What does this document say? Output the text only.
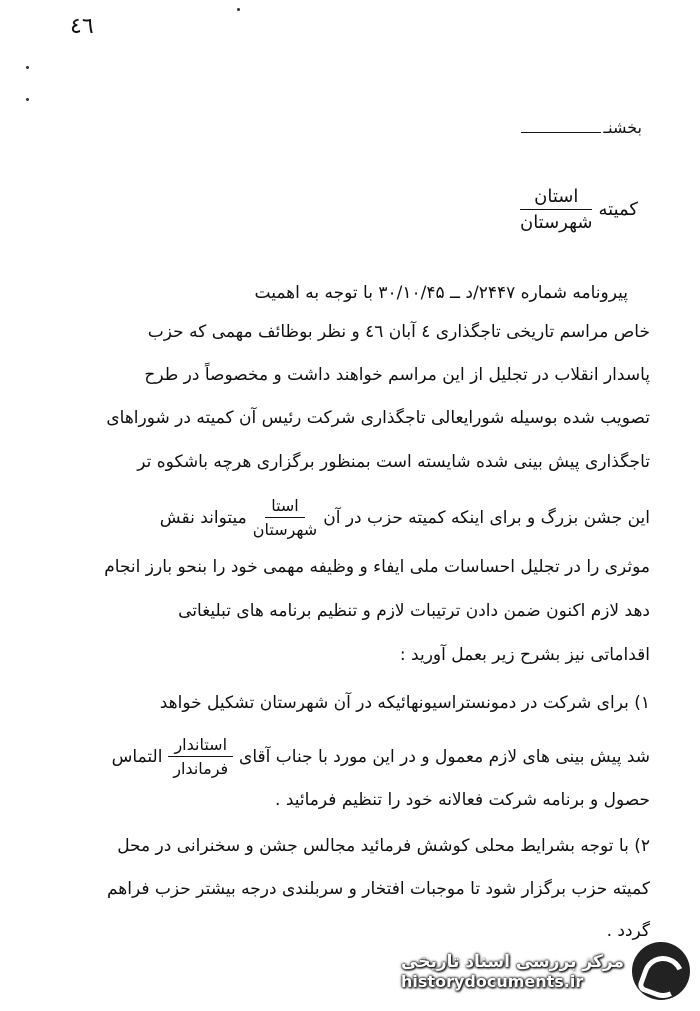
٤٦
بخشنـ
کمیته
$\frac{\text{استان}}{\text{شهرستان}}$
پیرونامه شماره ۲۴۴۷/د ــ ۳۰/۱۰/۴۵ با توجه به اهمیت
خاص مراسم تاریخی تاجگذاری ٤ آبان ٤٦ و نظر بوظائف مهمی که حزب
پاسدار انقلاب در تجلیل از این مراسم خواهند داشت و مخصوصاً در طرح
تصویب شده بوسیله شورایعالی تاجگذاری شرکت رئیس آن کمیته در شوراهای
تاجگذاری پیش بینی شده شایسته است بمنظور برگزاری هرچه باشکوه تر
این جشن بزرگ و برای اینکه کمیته حزب در آن
$\frac{\text{استا}}{\text{شهرستان}}$
میتواند نقش
موثری را در تجلیل احساسات ملی ایفاء و وظیفه مهمی خود را بنحو بارز انجام
دهد لازم اکنون ضمن دادن ترتیبات لازم و تنظیم برنامه های تبلیغاتی
اقداماتی نیز بشرح زیر بعمل آورید :
۱) برای شرکت در دمونستراسیونهائیکه در آن شهرستان تشکیل خواهد
شد پیش بینی های لازم معمول و در این مورد با جناب آقای
$\frac{\text{استاندار}}{\text{فرماندار}}$
التماس
حصول و برنامه شرکت فعالانه خود را تنظیم فرمائید .
۲) با توجه بشرایط محلی کوشش فرمائید مجالس جشن و سخنرانی در محل
کمیته حزب برگزار شود تا موجبات افتخار و سربلندی درجه بیشتر حزب فراهم
گردد .
مرکز بررسی اسناد تاریخی
historydocuments.ir
